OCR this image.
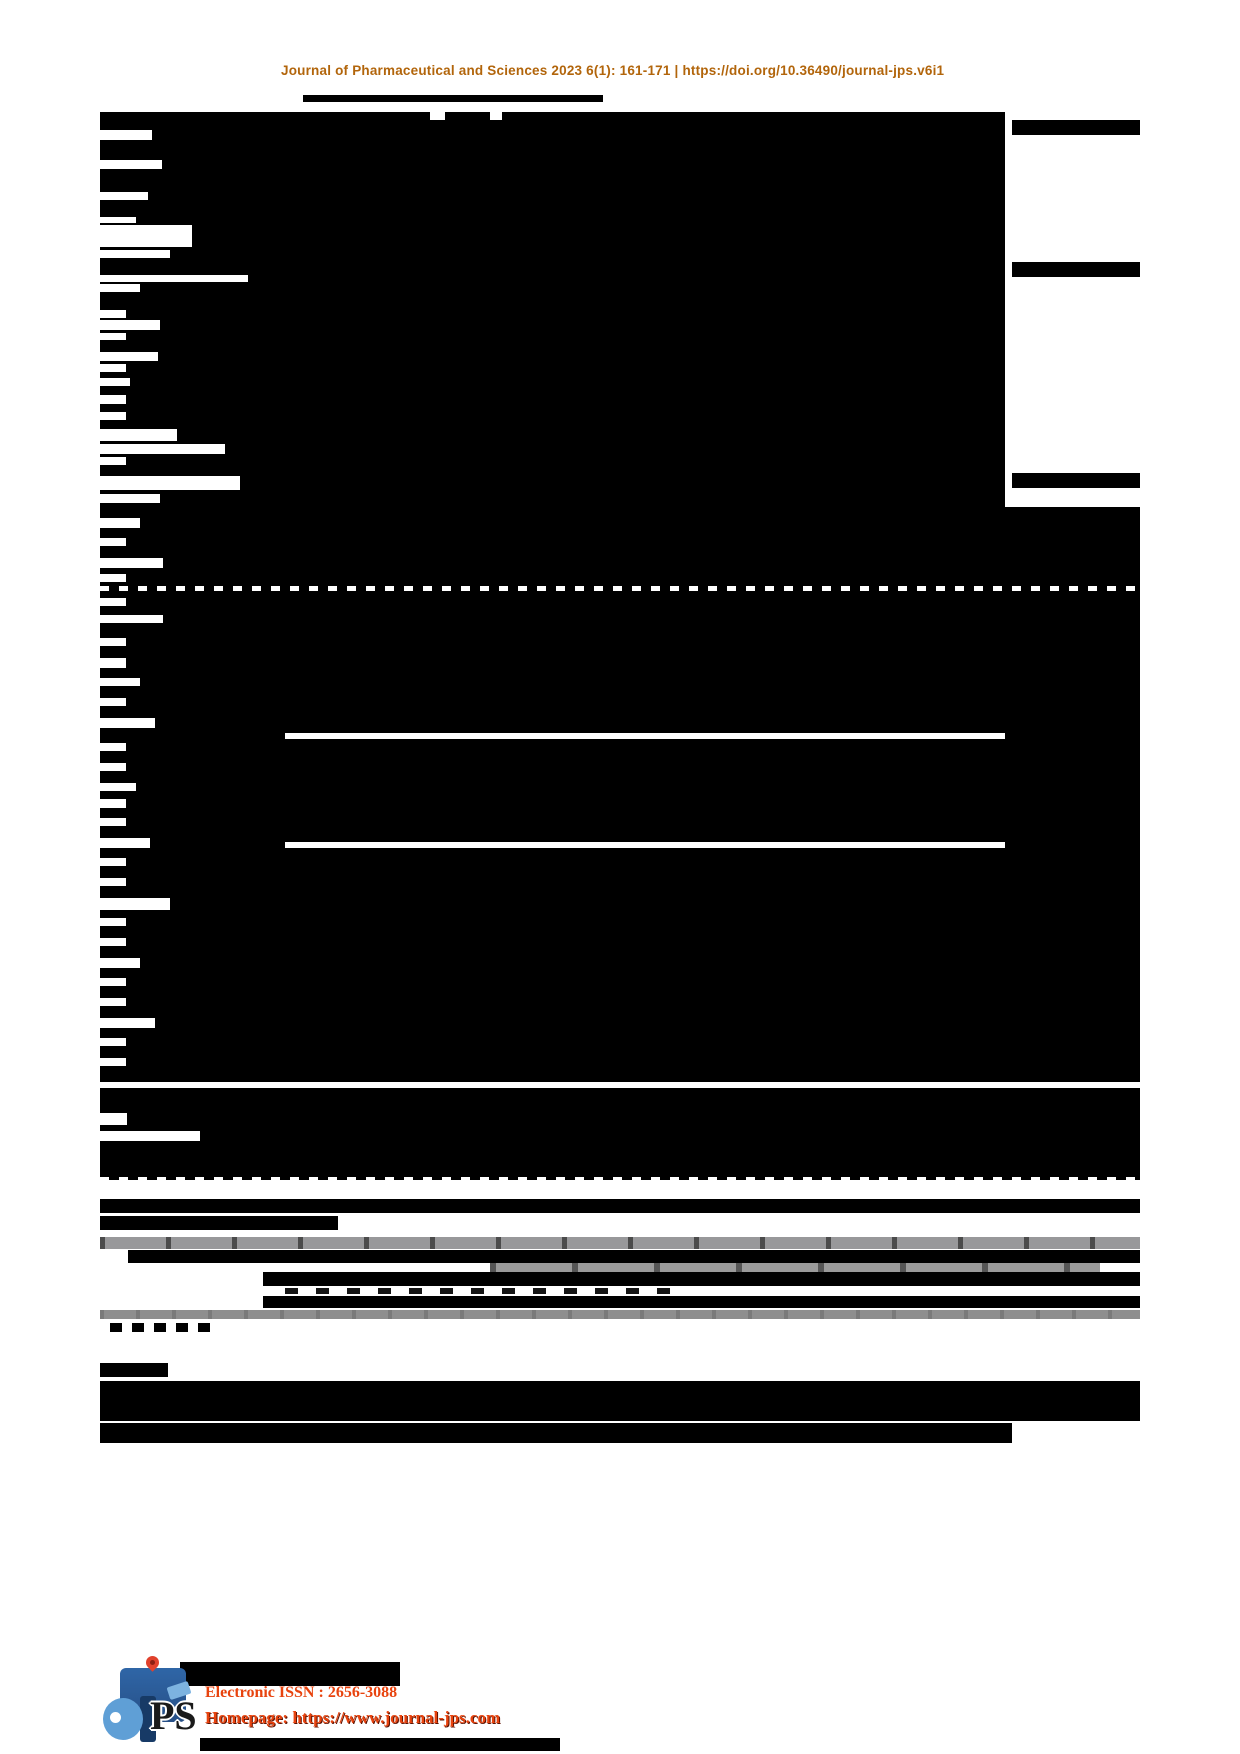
Journal of Pharmaceutical and Sciences 2023 6(1): 161-171 | https://doi.org/10.36490/journal-jps.v6i1
PS
Electronic ISSN : 2656-3088
Homepage: https://www.journal-jps.com
